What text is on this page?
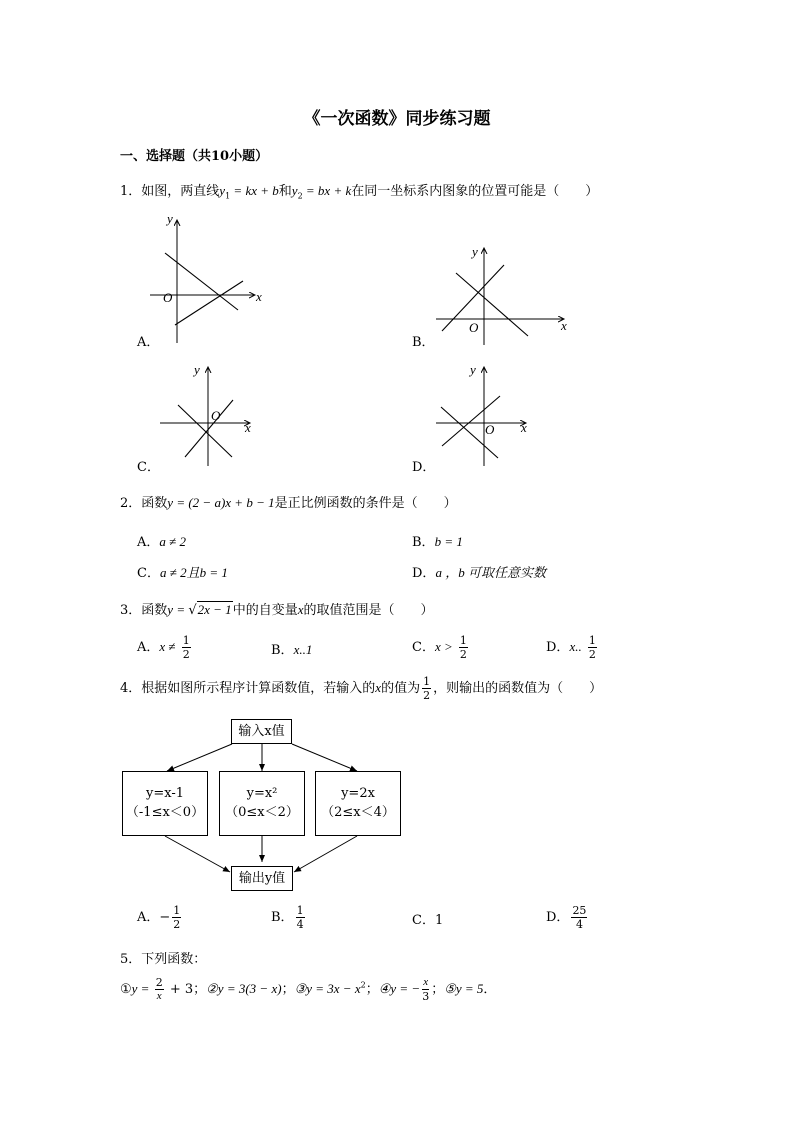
《一次函数》同步练习题
一、选择题（共10小题）
1．如图，两直线$y_1$ = kx + b和$y_2$ = bx + k在同一坐标系内图象的位置可能是（　　）
y
x
O
A．
y
x
O
B．
y
x
O
C．
y
x
O
D．
2．函数y = (2 − a)x + b − 1是正比例函数的条件是（　　）
A．a ≠ 2	B．b = 1
C．a ≠ 2且b = 1	D．a ，b 可取任意实数
3．函数y = √2x − 1中的自变量x的取值范围是（　　）
A．$x \ne \frac{1}{2}$	B．x..1	C．$x > \frac{1}{2}$	D．x.. $\frac{1}{2}$
4．根据如图所示程序计算函数值，若输入的x的值为 $\frac{1}{2}$ ，则输出的函数值为（　　）
输入x值
y=x-1
（-1≤x＜0）
y=x²
（0≤x＜2）
y=2x
（2≤x＜4）
输出y值
A．− $\frac{1}{2}$	B． $\frac{1}{4}$	C．1	D． $\frac{25}{4}$
5．下列函数：
①y = $\frac{2}{x} + 3$；②y = 3(3 − x)；③y = $3x - x^2$；④y = − $\frac{x}{3}$ ；⑤y = 5．
